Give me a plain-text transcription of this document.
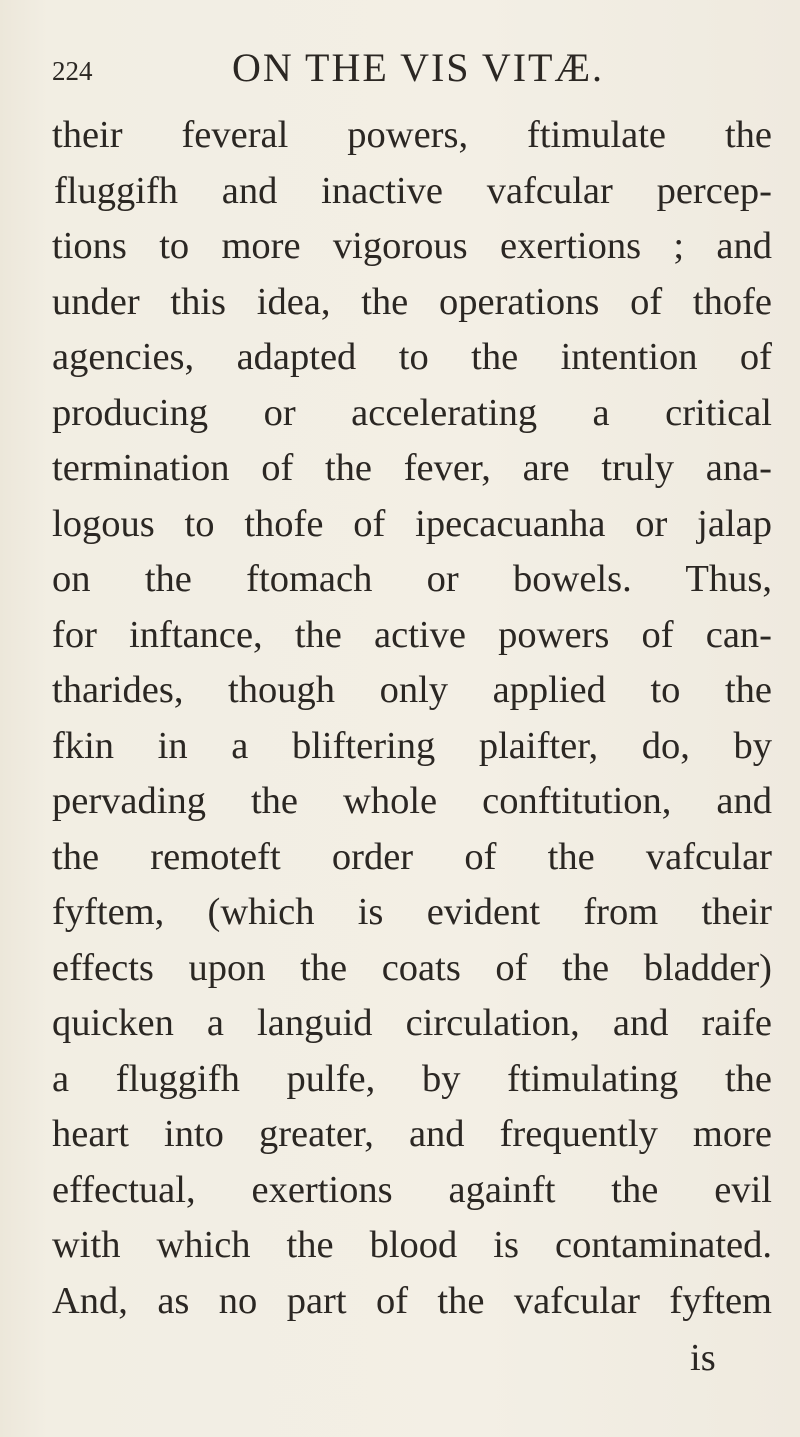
224	ON THE VIS VITÆ.
their feveral powers, ftimulate the
fluggifh and inactive vafcular percep-
tions to more vigorous exertions ; and
under this idea, the operations of thofe
agencies, adapted to the intention of
producing or accelerating a critical
termination of the fever, are truly ana-
logous to thofe of ipecacuanha or jalap
on the ftomach or bowels. Thus,
for inftance, the active powers of can-
tharides, though only applied to the
fkin in a bliftering plaifter, do, by
pervading the whole conftitution, and
the remoteft order of the vafcular
fyftem, (which is evident from their
effects upon the coats of the bladder)
quicken a languid circulation, and raife
a fluggifh pulfe, by ftimulating the
heart into greater, and frequently more
effectual, exertions againft the evil
with which the blood is contaminated.
And, as no part of the vafcular fyftem
is
